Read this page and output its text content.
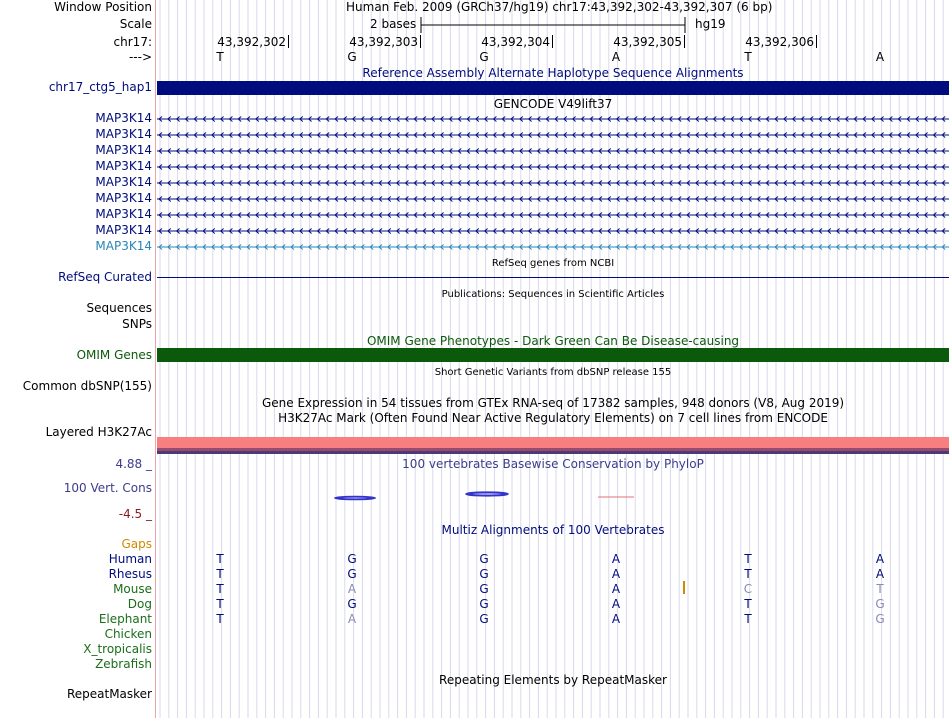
Window Position	Human Feb. 2009 (GRCh37/hg19) chr17:43,392,302-43,392,307 (6 bp)
Scale	2 bases	hg19
chr17:	43,392,302	43,392,303	43,392,304	43,392,305	43,392,306
--->	T	G	G	A	T	A
Reference Assembly Alternate Haplotype Sequence Alignments
chr17_ctg5_hap1
GENCODE V49lift37
MAP3K14
MAP3K14
MAP3K14
MAP3K14
MAP3K14
MAP3K14
MAP3K14
MAP3K14
MAP3K14
RefSeq genes from NCBI
RefSeq Curated
Publications: Sequences in Scientific Articles
Sequences
SNPs
OMIM Gene Phenotypes - Dark Green Can Be Disease-causing
OMIM Genes
Short Genetic Variants from dbSNP release 155
Common dbSNP(155)
Gene Expression in 54 tissues from GTEx RNA-seq of 17382 samples, 948 donors (V8, Aug 2019)
H3K27Ac Mark (Often Found Near Active Regulatory Elements) on 7 cell lines from ENCODE
Layered H3K27Ac
4.88 _	100 vertebrates Basewise Conservation by PhyloP
100 Vert. Cons
-4.5 _
Multiz Alignments of 100 Vertebrates
Gaps
Human	T	G	G	A	T	A
Rhesus	T	G	G	A	T	A
Mouse	T	A	G	A	C	T
Dog	T	G	G	A	T	G
Elephant	T	A	G	A	T	G
Chicken
X_tropicalis
Zebrafish
Repeating Elements by RepeatMasker
RepeatMasker
